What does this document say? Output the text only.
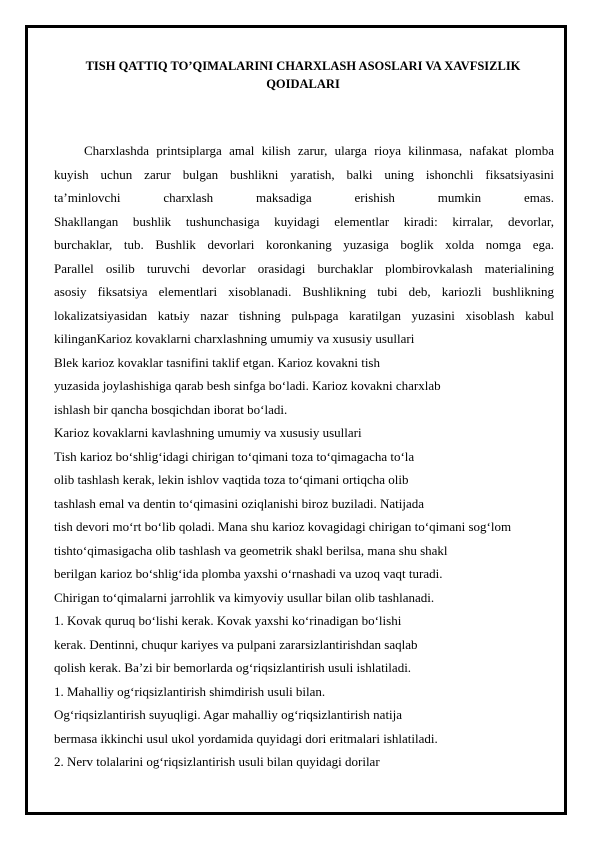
TISH QATTIQ TO’QIMALARINI CHARXLASH ASOSLARI VA XAVFSIZLIK QOIDALARI
Charxlashda printsiplarga amal kilish zarur, ularga rioya kilinmasa, nafakat plomba
kuyish uchun zarur bulgan bushlikni yaratish, balki uning ishonchli fiksatsiyasini
ta’minlovchi charxlash maksadiga erishish mumkin emas.
Shakllangan bushlik tushunchasiga kuyidagi elementlar kiradi: kirralar, devorlar,
burchaklar, tub. Bushlik devorlari koronkaning yuzasiga boglik xolda nomga ega.
Parallel osilib turuvchi devorlar orasidagi burchaklar plombirovkalash materialining
asosiy fiksatsiya elementlari xisoblanadi. Bushlikning tubi deb, kariozli bushlikning
lokalizatsiyasidan katьiy nazar tishning pulьpaga karatilgan yuzasini xisoblash kabul
kilinganKarioz kovaklarni charxlashning umumiy va xususiy usullari
Blek karioz kovaklar tasnifini taklif etgan. Karioz kovakni tish
yuzasida joylashishiga qarab besh sinfga bo‘ladi. Karioz kovakni charxlab
ishlash bir qancha bosqichdan iborat bo‘ladi.
Karioz kovaklarni kavlashning umumiy va xususiy usullari
Tish karioz bo‘shlig‘idagi chirigan to‘qimani toza to‘qimagacha to‘la
olib tashlash kerak, lekin ishlov vaqtida toza to‘qimani ortiqcha olib
tashlash emal va dentin to‘qimasini oziqlanishi biroz buziladi. Natijada
tish devori mo‘rt bo‘lib qoladi. Mana shu karioz kovagidagi chirigan to‘qimani sog‘lom
tishto‘qimasigacha olib tashlash va geometrik shakl berilsa, mana shu shakl
berilgan karioz bo‘shlig‘ida plomba yaxshi o‘rnashadi va uzoq vaqt turadi.
Chirigan to‘qimalarni jarrohlik va kimyoviy usullar bilan olib tashlanadi.
1. Kovak quruq bo‘lishi kerak. Kovak yaxshi ko‘rinadigan bo‘lishi
kerak. Dentinni, chuqur kariyes va pulpani zararsizlantirishdan saqlab
qolish kerak. Ba’zi bir bemorlarda og‘riqsizlantirish usuli ishlatiladi.
1. Mahalliy og‘riqsizlantirish shimdirish usuli bilan.
Og‘riqsizlantirish suyuqligi. Agar mahalliy og‘riqsizlantirish natija
bermasa ikkinchi usul ukol yordamida quyidagi dori eritmalari ishlatiladi.
2. Nerv tolalarini og‘riqsizlantirish usuli bilan quyidagi dorilar
